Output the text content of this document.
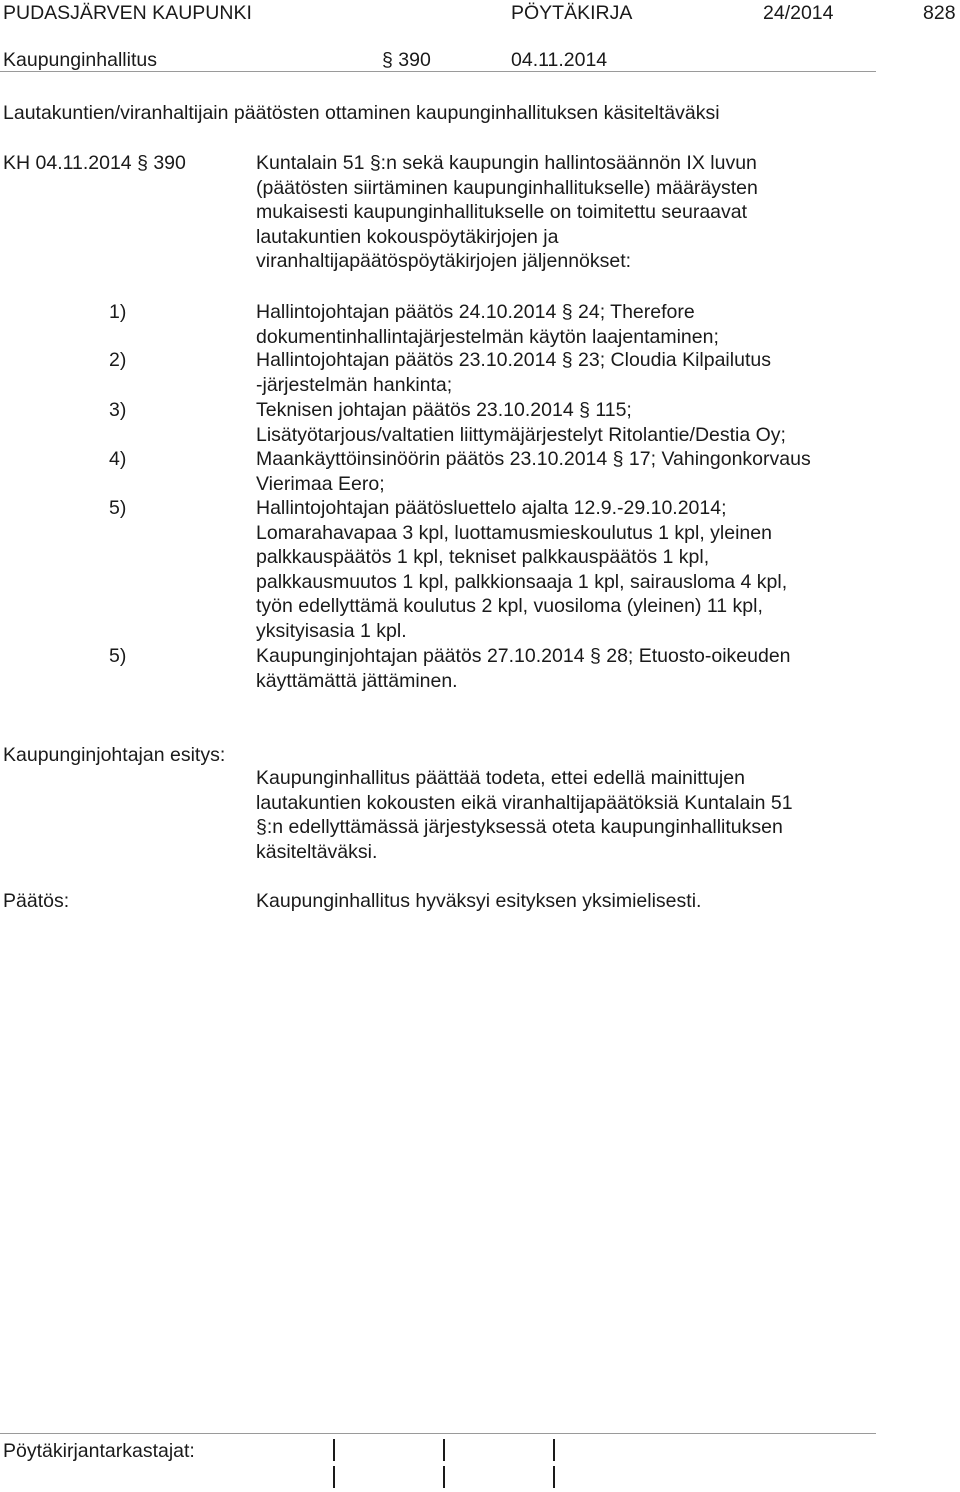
PUDASJÄRVEN KAUPUNKI	PÖYTÄKIRJA	24/2014	828
Kaupunginhallitus	§ 390	04.11.2014
Lautakuntien/viranhaltijain päätösten ottaminen kaupunginhallituksen käsiteltäväksi
KH 04.11.2014 § 390	Kuntalain 51 §:n sekä kaupungin hallintosäännön IX luvun
(päätösten siirtäminen kaupunginhallitukselle) määräysten
mukaisesti kaupunginhallitukselle on toimitettu seuraavat
lautakuntien kokouspöytäkirjojen ja
viranhaltijapäätöspöytäkirjojen jäljennökset:
1)	Hallintojohtajan päätös 24.10.2014 § 24; Therefore
dokumentinhallintajärjestelmän käytön laajentaminen;
2)	Hallintojohtajan päätös 23.10.2014 § 23; Cloudia Kilpailutus
-järjestelmän hankinta;
3)	Teknisen johtajan päätös 23.10.2014 § 115;
Lisätyötarjous/valtatien liittymäjärjestelyt Ritolantie/Destia Oy;
4)	Maankäyttöinsinöörin päätös 23.10.2014 § 17; Vahingonkorvaus
Vierimaa Eero;
5)	Hallintojohtajan päätösluettelo ajalta 12.9.-29.10.2014;
Lomarahavapaa 3 kpl, luottamusmieskoulutus 1 kpl, yleinen
palkkauspäätös 1 kpl, tekniset palkkauspäätös 1 kpl,
palkkausmuutos 1 kpl, palkkionsaaja 1 kpl, sairausloma 4 kpl,
työn edellyttämä koulutus 2 kpl, vuosiloma (yleinen) 11 kpl,
yksityisasia 1 kpl.
5)	Kaupunginjohtajan päätös 27.10.2014 § 28; Etuosto-oikeuden
käyttämättä jättäminen.
Kaupunginjohtajan esitys:
Kaupunginhallitus päättää todeta, ettei edellä mainittujen
lautakuntien kokousten eikä viranhaltijapäätöksiä Kuntalain 51
§:n edellyttämässä järjestyksessä oteta kaupunginhallituksen
käsiteltäväksi.
Päätös:	Kaupunginhallitus hyväksyi esityksen yksimielisesti.
Pöytäkirjantarkastajat:
